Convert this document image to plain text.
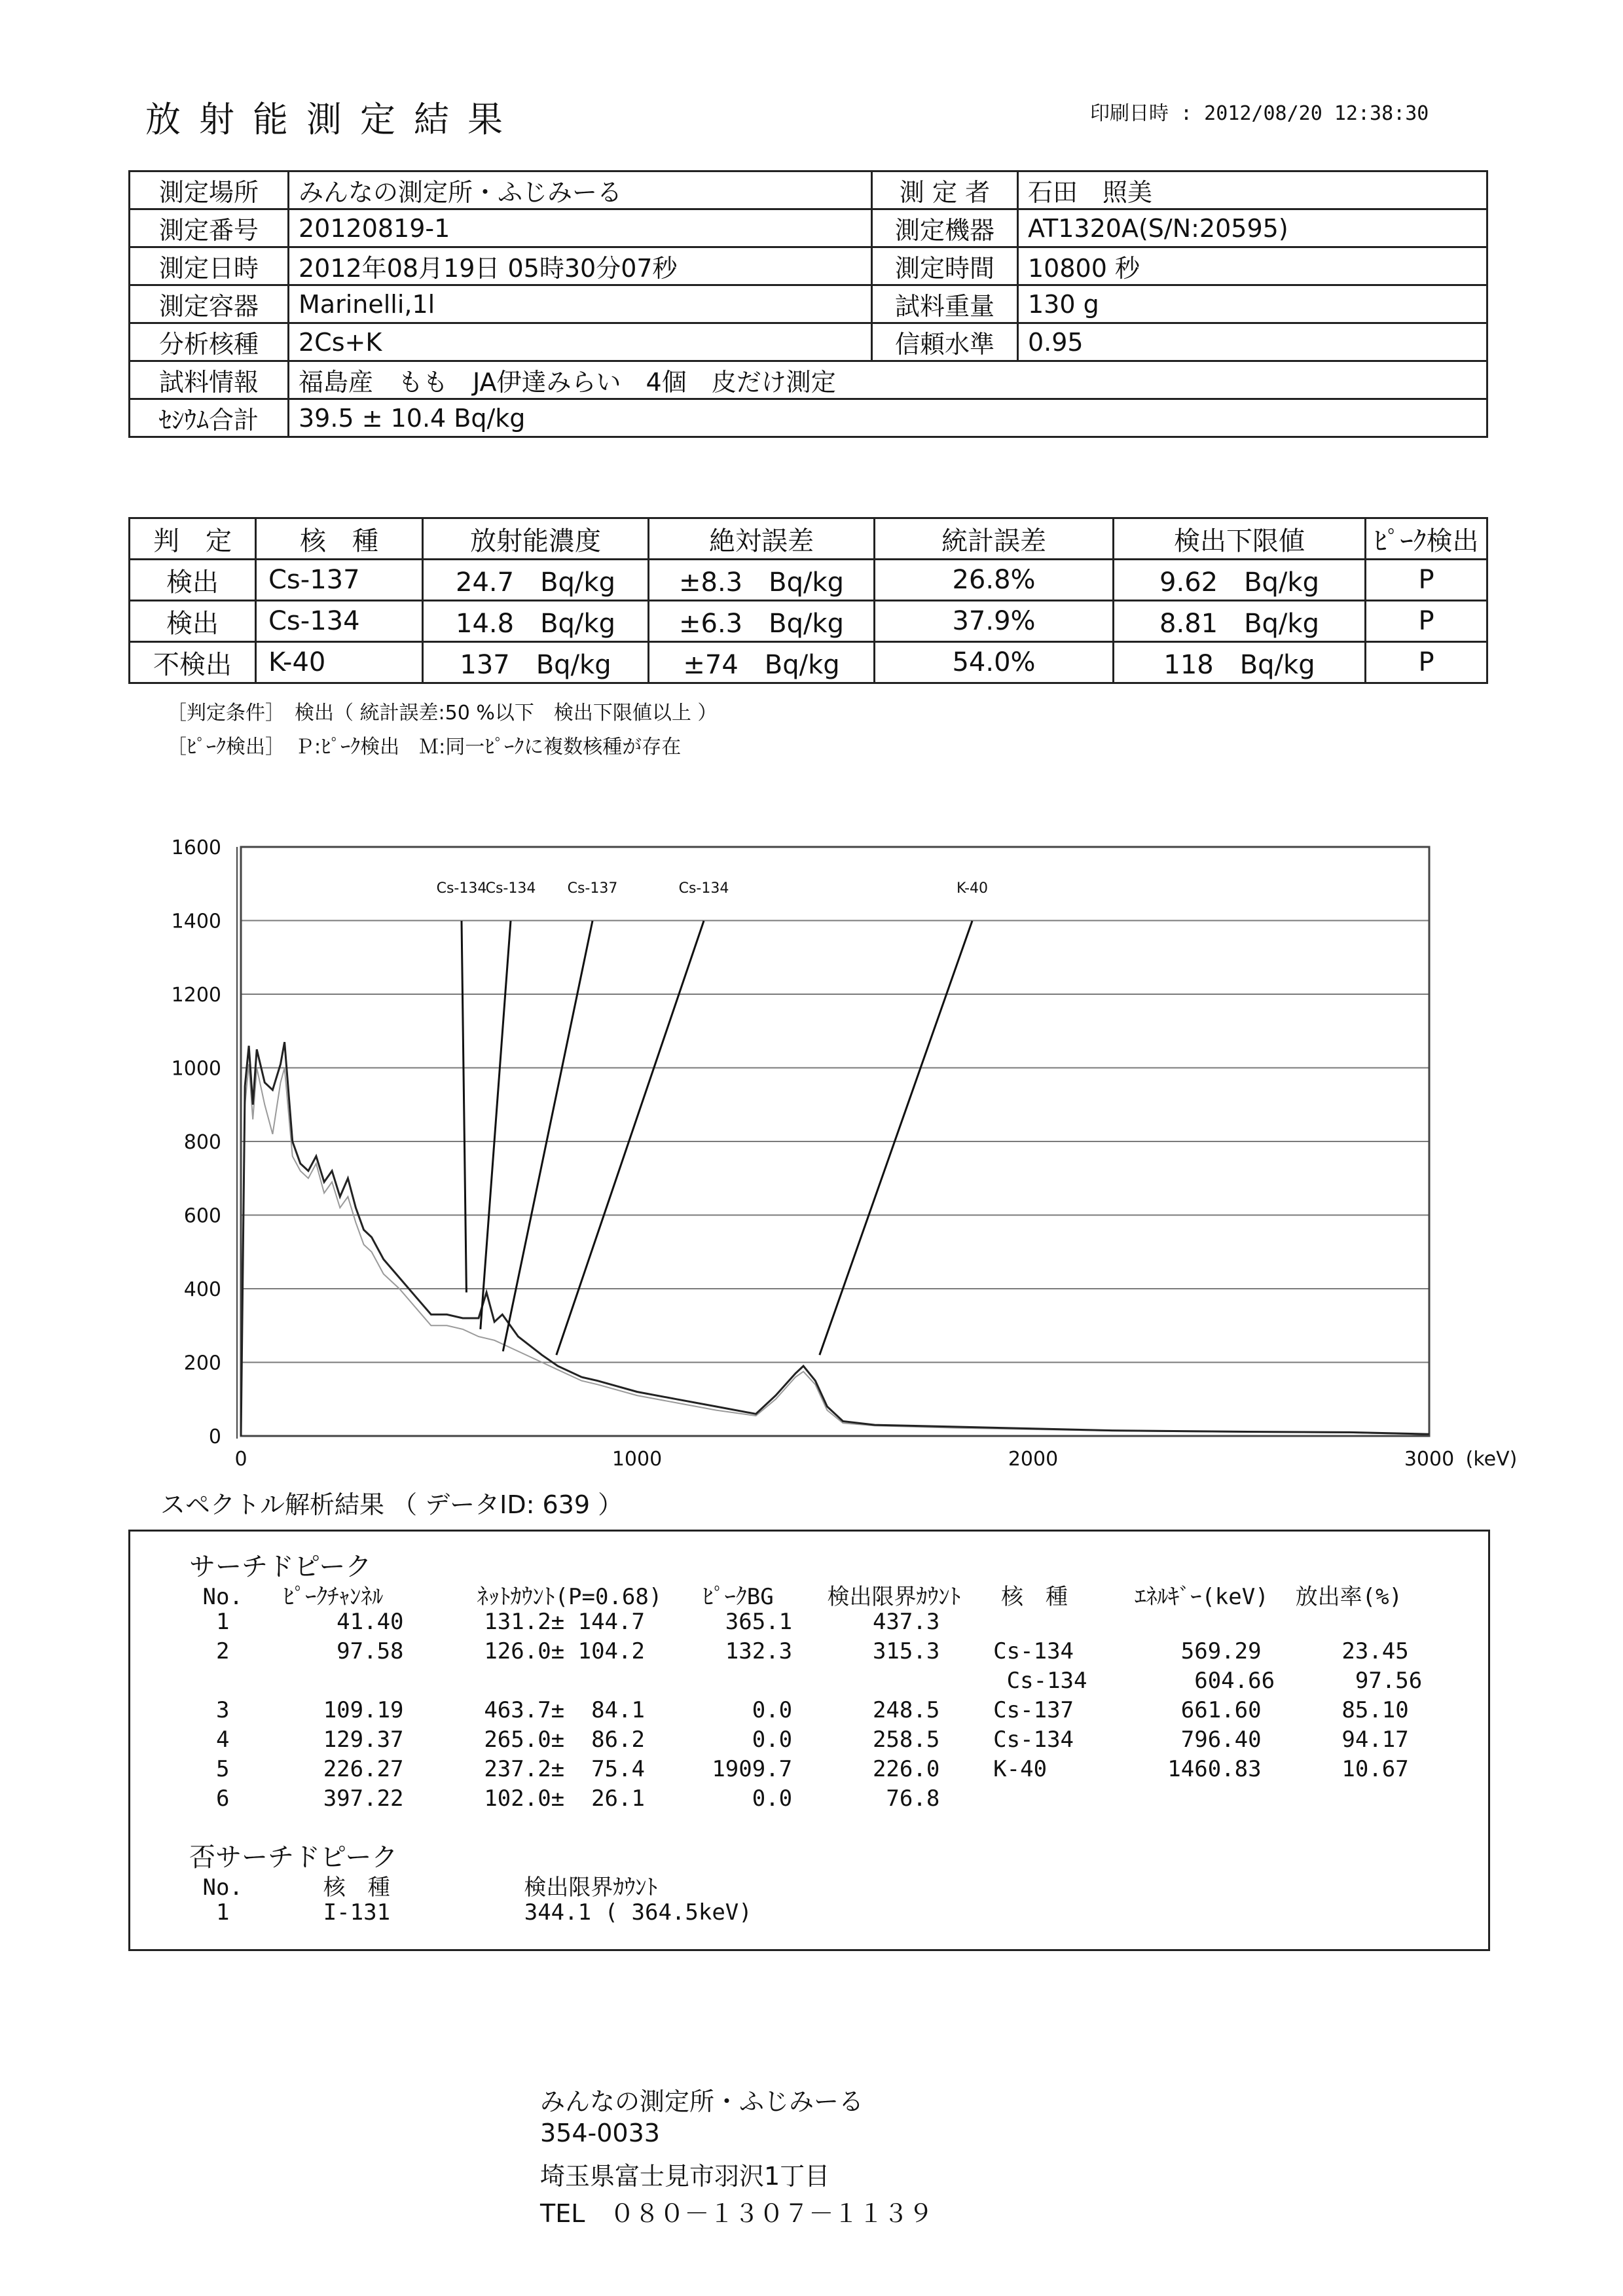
放射能測定結果	印刷日時 : 2012/08/20 12:38:30
測定場所	みんなの測定所・ふじみーる	測 定 者	石田　照美
測定番号	20120819-1	測定機器	AT1320A(S/N:20595)
測定日時	2012年08月19日 05時30分07秒	測定時間	10800 秒
測定容器	Marinelli,1l	試料重量	130 g
分析核種	2Cs+K	信頼水準	0.95
試料情報	福島産　もも　JA伊達みらい　4個　皮だけ測定		
ｾｼｳﾑ合計	39.5 ± 10.4 Bq/kg		
判　定	核　種	放射能濃度	絶対誤差	統計誤差	検出下限値	ﾋﾟｰｸ検出
検出	Cs-137	24.7　Bq/kg	±8.3　Bq/kg	26.8%	9.62　Bq/kg	P
検出	Cs-134	14.8　Bq/kg	±6.3　Bq/kg	37.9%	8.81　Bq/kg	P
不検出	K-40	137　Bq/kg	±74　Bq/kg	54.0%	118　Bq/kg	P
［判定条件］　検出（ 統計誤差:50 %以下　検出下限値以上 ）
［ﾋﾟｰｸ検出］　Ｐ:ﾋﾟｰｸ検出　Ｍ:同一ﾋﾟｰｸに複数核種が存在
0
200
400
600
800
1000
1200
1400
1600
0	1000	2000	3000 (keV)
Cs-134
Cs-134 Cs-137	Cs-134	K-40
スペクトル解析結果 （ データID: 639 ）
サーチドピーク
No.   ﾋﾟｰｸﾁｬﾝﾈﾙ       ﾈｯﾄｶｳﾝﾄ(P=0.68)   ﾋﾟｰｸBG    検出限界ｶｳﾝﾄ   核　種     ｴﾈﾙｷﾞｰ(keV)  放出率(%)
1        41.40      131.2± 144.7      365.1      437.3
2        97.58      126.0± 104.2      132.3      315.3    Cs-134        569.29      23.45
Cs-134        604.66      97.56
3       109.19      463.7±  84.1        0.0      248.5    Cs-137        661.60      85.10
4       129.37      265.0±  86.2        0.0      258.5    Cs-134        796.40      94.17
5       226.27      237.2±  75.4     1909.7      226.0    K-40         1460.83      10.67
6       397.22      102.0±  26.1        0.0       76.8
否サーチドピーク
No.      核　種          検出限界ｶｳﾝﾄ
1       I-131          344.1 ( 364.5keV)
みんなの測定所・ふじみーる
354-0033
埼玉県富士見市羽沢1丁目
TEL　０８０－１３０７－１１３９
